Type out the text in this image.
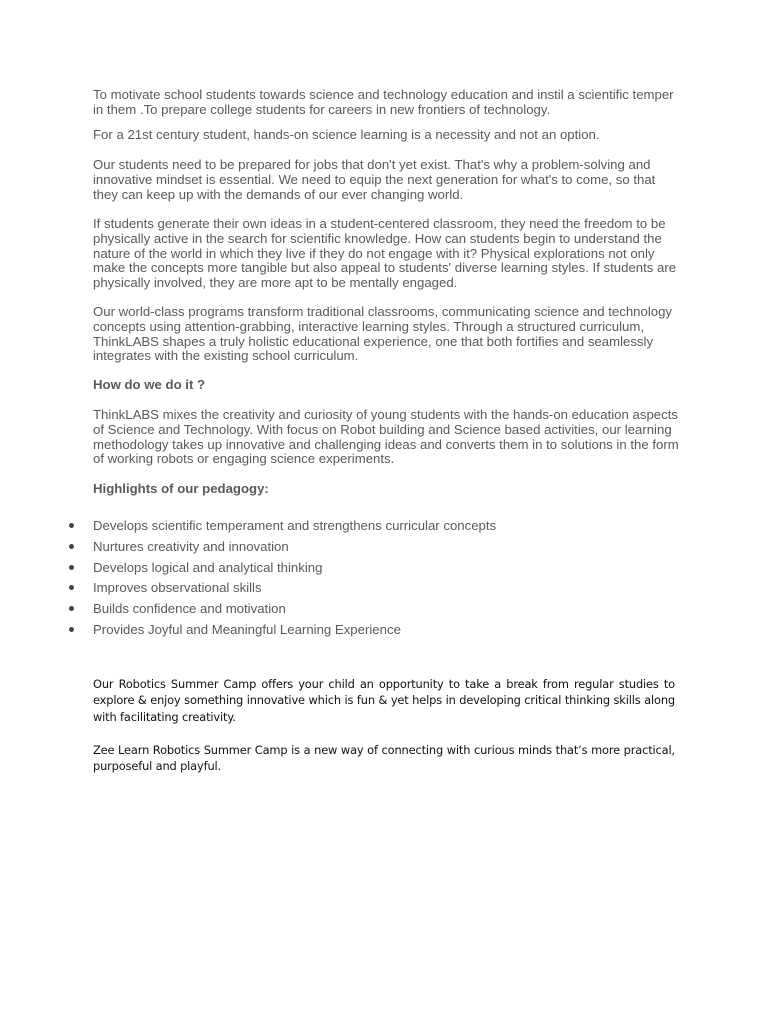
To motivate school students towards science and technology education and instil a scientific temper in them .To prepare college students for careers in new frontiers of technology.

For a 21st century student, hands-on science learning is a necessity and not an option.

Our students need to be prepared for jobs that don't yet exist. That's why a problem-solving and innovative mindset is essential. We need to equip the next generation for what's to come, so that they can keep up with the demands of our ever changing world.

If students generate their own ideas in a student-centered classroom, they need the freedom to be physically active in the search for scientific knowledge. How can students begin to understand the nature of the world in which they live if they do not engage with it? Physical explorations not only make the concepts more tangible but also appeal to students' diverse learning styles. If students are physically involved, they are more apt to be mentally engaged.

Our world-class programs transform traditional classrooms, communicating science and technology concepts using attention-grabbing, interactive learning styles. Through a structured curriculum, ThinkLABS shapes a truly holistic educational experience, one that both fortifies and seamlessly integrates with the existing school curriculum.

How do we do it ?

ThinkLABS mixes the creativity and curiosity of young students with the hands-on education aspects of Science and Technology. With focus on Robot building and Science based activities, our learning methodology takes up innovative and challenging ideas and converts them in to solutions in the form of working robots or engaging science experiments.

Highlights of our pedagogy:

Develops scientific temperament and strengthens curricular concepts
Nurtures creativity and innovation
Develops logical and analytical thinking
Improves observational skills
Builds confidence and motivation
Provides Joyful and Meaningful Learning Experience

Our Robotics Summer Camp offers your child an opportunity to take a break from regular studies to explore & enjoy something innovative which is fun & yet helps in developing critical thinking skills along with facilitating creativity.

Zee Learn Robotics Summer Camp is a new way of connecting with curious minds that’s more practical, purposeful and playful.
